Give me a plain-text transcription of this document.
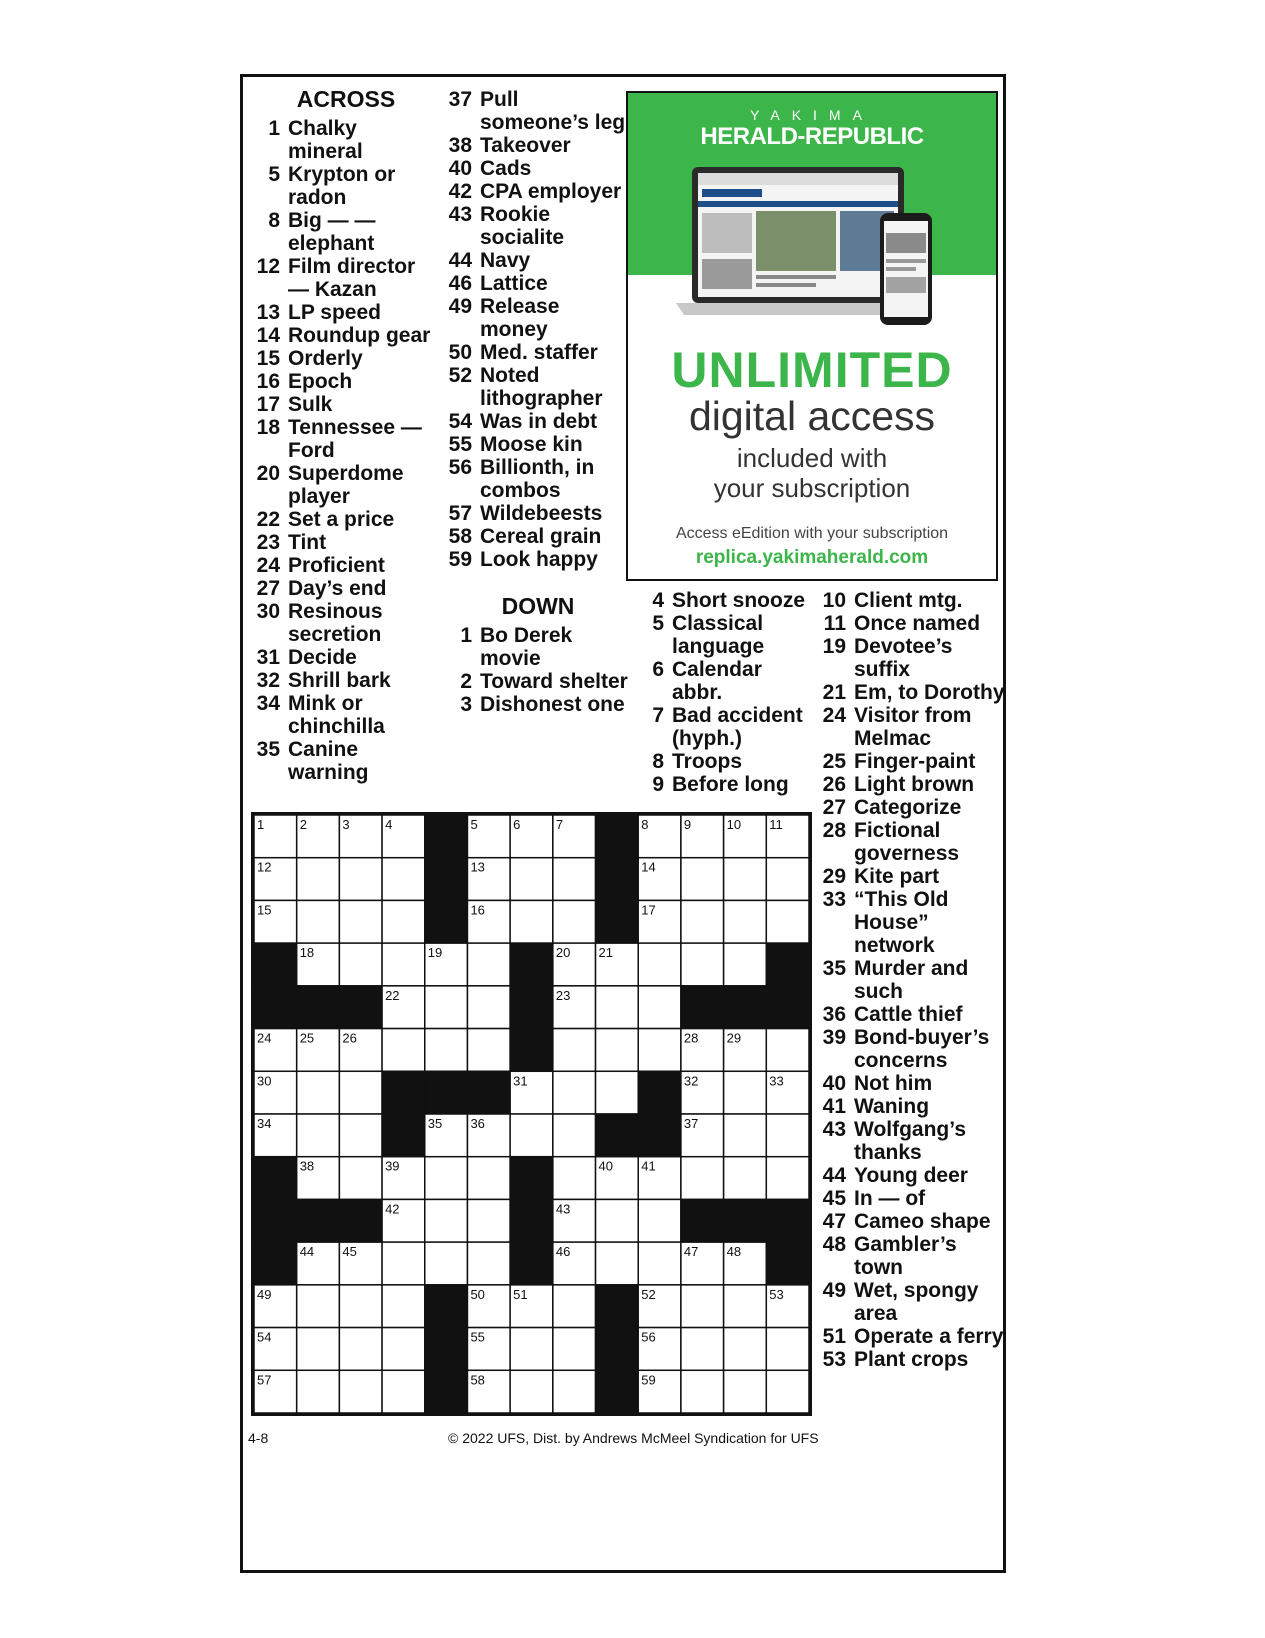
ACROSS
1 Chalky mineral
5 Krypton or radon
8 Big — — elephant
12 Film director — Kazan
13 LP speed
14 Roundup gear
15 Orderly
16 Epoch
17 Sulk
18 Tennessee — Ford
20 Superdome player
22 Set a price
23 Tint
24 Proficient
27 Day’s end
30 Resinous secretion
31 Decide
32 Shrill bark
34 Mink or chinchilla
35 Canine warning
37 Pull someone’s leg
38 Takeover
40 Cads
42 CPA employer
43 Rookie socialite
44 Navy
46 Lattice
49 Release money
50 Med. staffer
52 Noted lithographer
54 Was in debt
55 Moose kin
56 Billionth, in combos
57 Wildebeests
58 Cereal grain
59 Look happy
DOWN
1 Bo Derek movie
2 Toward shelter
3 Dishonest one
4 Short snooze
5 Classical language
6 Calendar abbr.
7 Bad accident (hyph.)
8 Troops
9 Before long
10 Client mtg.
11 Once named
19 Devotee’s suffix
21 Em, to Dorothy
24 Visitor from Melmac
25 Finger-paint
26 Light brown
27 Categorize
28 Fictional governess
29 Kite part
33 “This Old House” network
35 Murder and such
36 Cattle thief
39 Bond-buyer’s concerns
40 Not him
41 Waning
43 Wolfgang’s thanks
44 Young deer
45 In — of
47 Cameo shape
48 Gambler’s town
49 Wet, spongy area
51 Operate a ferry
53 Plant crops
YAKIMA
HERALD-REPUBLIC
UNLIMITED
digital access
included with
your subscription
Access eEdition with your subscription
replica.yakimaherald.com
1	2	3	4	5	6	7	8	9	10 11
12	13	14
15	16	17
18	19	20 21
22	23
24 25 26	28 29
30	31	32	33
34	35 36	37
38	39	40 41
42	43
44 45	46	47 48
49	50 51	52	53
54	55	56
57	58	59
4-8	© 2022 UFS, Dist. by Andrews McMeel Syndication for UFS
